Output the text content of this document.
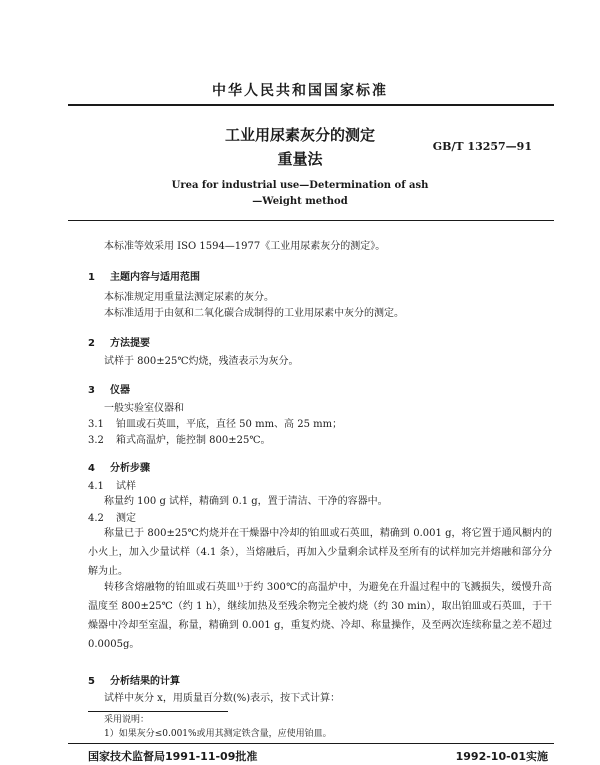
中华人民共和国国家标准
工业用尿素灰分的测定
重量法
GB/T 13257—91
Urea for industrial use—Determination of ash
—Weight method
本标准等效采用 ISO 1594—1977《工业用尿素灰分的测定》。
1 主题内容与适用范围
本标准规定用重量法测定尿素的灰分。
本标准适用于由氨和二氧化碳合成制得的工业用尿素中灰分的测定。
2 方法提要
试样于 800±25℃灼烧，残渣表示为灰分。
3 仪器
一般实验室仪器和
3.1 铂皿或石英皿，平底，直径 50 mm、高 25 mm；
3.2 箱式高温炉，能控制 800±25℃。
4 分析步骤
4.1 试样
称量约 100 g 试样，精确到 0.1 g，置于清洁、干净的容器中。
4.2 测定
称量已于 800±25℃灼烧并在干燥器中冷却的铂皿或石英皿，精确到 0.001 g，将它置于通风橱内的小火上，加入少量试样（4.1 条），当熔融后，再加入少量剩余试样及至所有的试样加完并熔融和部分分解为止。
转移含熔融物的铂皿或石英皿¹⁾于约 300℃的高温炉中，为避免在升温过程中的飞溅损失，缓慢升高温度至 800±25℃（约 1 h），继续加热及至残余物完全被灼烧（约 30 min），取出铂皿或石英皿，于干燥器中冷却至室温，称量，精确到 0.001 g，重复灼烧、冷却、称量操作，及至两次连续称量之差不超过 0.0005g。
5 分析结果的计算
试样中灰分 x，用质量百分数(%)表示，按下式计算：
采用说明：
1）如果灰分≤0.001%或用其测定铁含量，应使用铂皿。
国家技术监督局1991-11-09批准	1992-10-01实施
